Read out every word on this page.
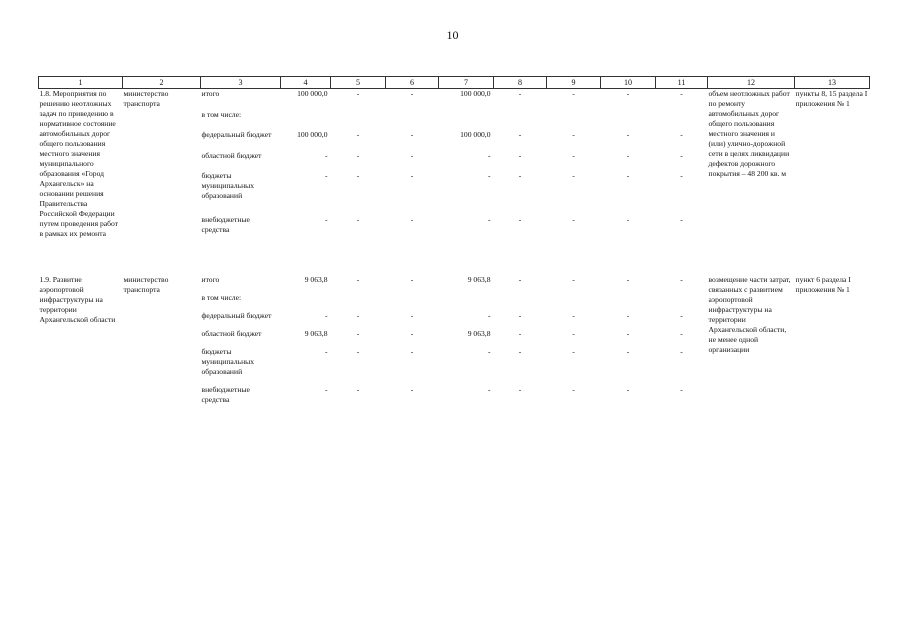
10
1	2	3	4	5	6	7	8	9	10	11	12	13
1.8. Мероприятия по решению неотложных задач по приведению в нормативное состояние автомобильных дорог общего пользования местного значения муниципального образования «Город Архангельск» на основании решения Правительства Российской Федерации путем проведения работ в рамках их ремонта	министерство транспорта	итого	100 000,0	-	-	100 000,0	-	-	-	-	объем неотложных работ по ремонту автомобильных дорог общего пользования местного значения и (или) улично-дорожной сети в целях ликвидации дефектов дорожного покрытия – 48 200 кв. м	пункты 8, 15 раздела I приложения № 1
		в том числе:										
		федеральный бюджет	100 000,0	-	-	100 000,0	-	-	-	-		
		областной бюджет	-	-	-	-	-	-	-	-		
		бюджеты муниципальных образований	-	-	-	-	-	-	-	-		
		внебюджетные средства	-	-	-	-	-	-	-	-		

1.9. Развитие аэропортовой инфраструктуры на территории Архангельской области	министерство транспорта	итого	9 063,8	-	-	9 063,8	-	-	-	-	возмещение части затрат, связанных с развитием аэропортовой инфраструктуры на территории Архангельской области, не менее одной организации	пункт 6 раздела I приложения № 1
		в том числе:										
		федеральный бюджет	-	-	-	-	-	-	-	-		
		областной бюджет	9 063,8	-	-	9 063,8	-	-	-	-		
		бюджеты муниципальных образований	-	-	-	-	-	-	-	-		
		внебюджетные средства	-	-	-	-	-	-	-	-		
